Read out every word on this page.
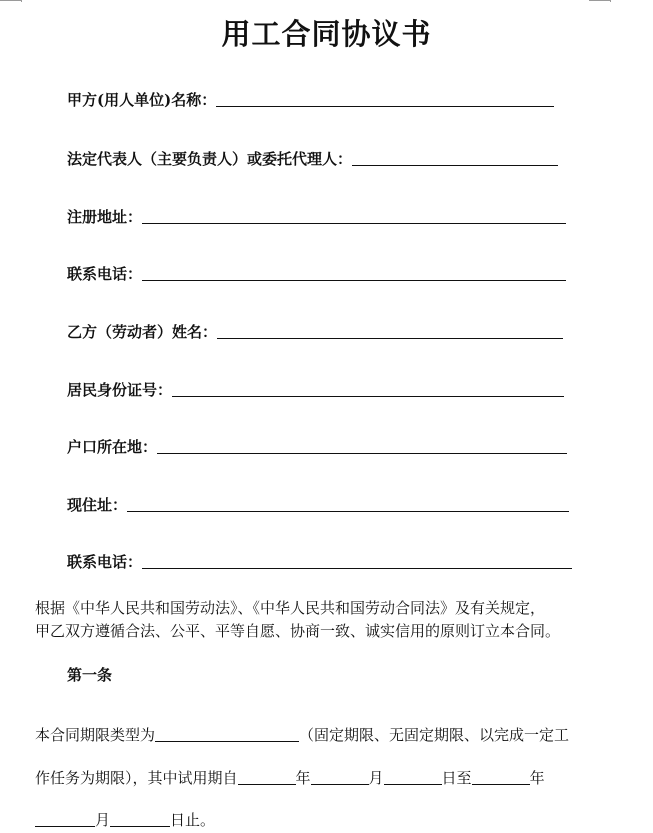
用工合同协议书
甲方(用人单位)名称：
法定代表人（主要负责人）或委托代理人：
注册地址：
联系电话：
乙方（劳动者）姓名：
居民身份证号：
户口所在地：
现住址：
联系电话：
根据《中华人民共和国劳动法》、《中华人民共和国劳动合同法》及有关规定，
甲乙双方遵循合法、公平、平等自愿、协商一致、诚实信用的原则订立本合同。
第一条
本合同期限类型为	（固定期限、无固定期限、以完成一定工
作任务为期限），其中试用期自	年	月	日至	年
月	日止。
